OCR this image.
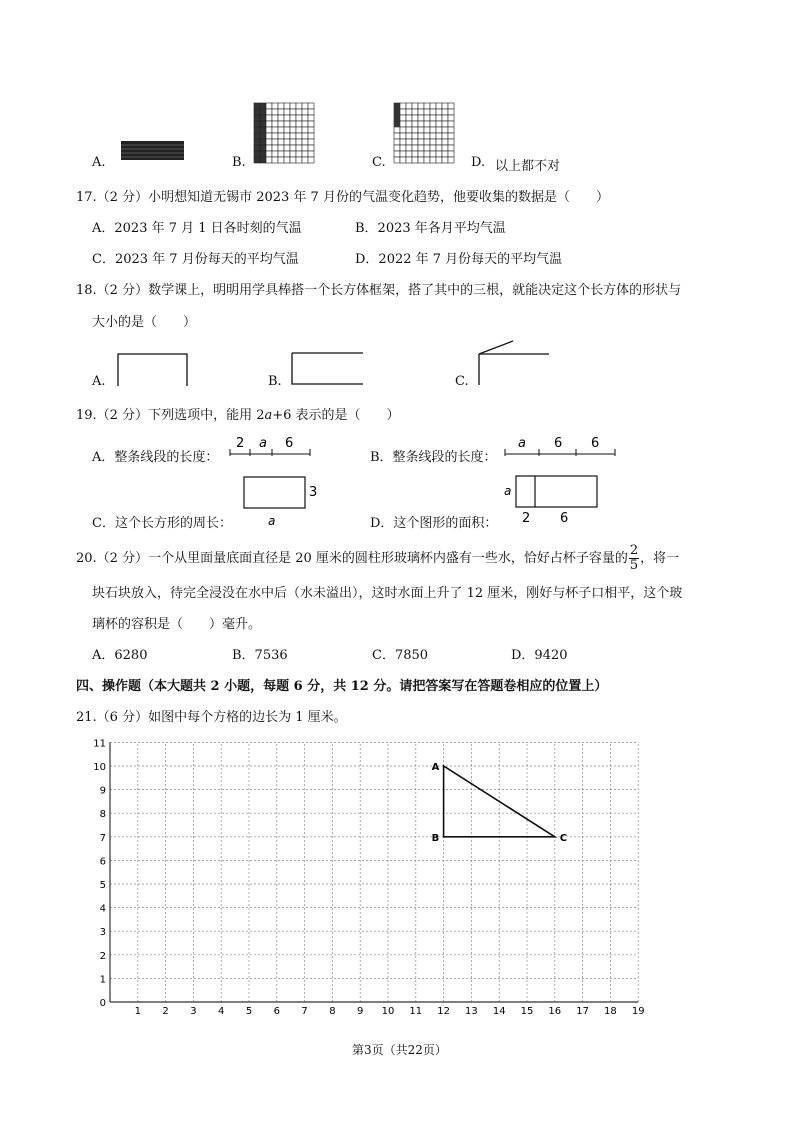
A.	B.	C.	D. 以上都不对
17.（2 分）小明想知道无锡市 2023 年 7 月份的气温变化趋势，他要收集的数据是（　　）
A．2023 年 7 月 1 日各时刻的气温	B．2023 年各月平均气温
C．2023 年 7 月份每天的平均气温	D．2022 年 7 月份每天的平均气温
18.（2 分）数学课上，明明用学具棒搭一个长方体框架，搭了其中的三根，就能决定这个长方体的形状与
大小的是（　　）
A.	B.	C.
19.（2 分）下列选项中，能用 2a+6 表示的是（　　）
A．整条线段的长度：
2 a 6
B．整条线段的长度：
a 6 6
C．这个长方形的周长：
3
a	D．这个图形的面积：
a
2 6
20.（2 分）一个从里面量底面直径是 20 厘米的圆柱形玻璃杯内盛有一些水，恰好占杯子容量的 $\frac{2}{5}$ ，将一
块石块放入，待完全浸没在水中后（水未溢出），这时水面上升了 12 厘米，刚好与杯子口相平，这个玻
璃杯的容积是（　　）毫升。
A．6280	B．7536	C．7850	D．9420
四、操作题（本大题共 2 小题，每题 6 分，共 12 分。请把答案写在答题卷相应的位置上）
21.（6 分）如图中每个方格的边长为 1 厘米。
1 2 3 4 5 6 7 8 9 10 11 12 13 14 15 16 17 18 19
0
1
2
3
4
5
6
7
8
9
10
11
A
B	C
第3页（共22页）
